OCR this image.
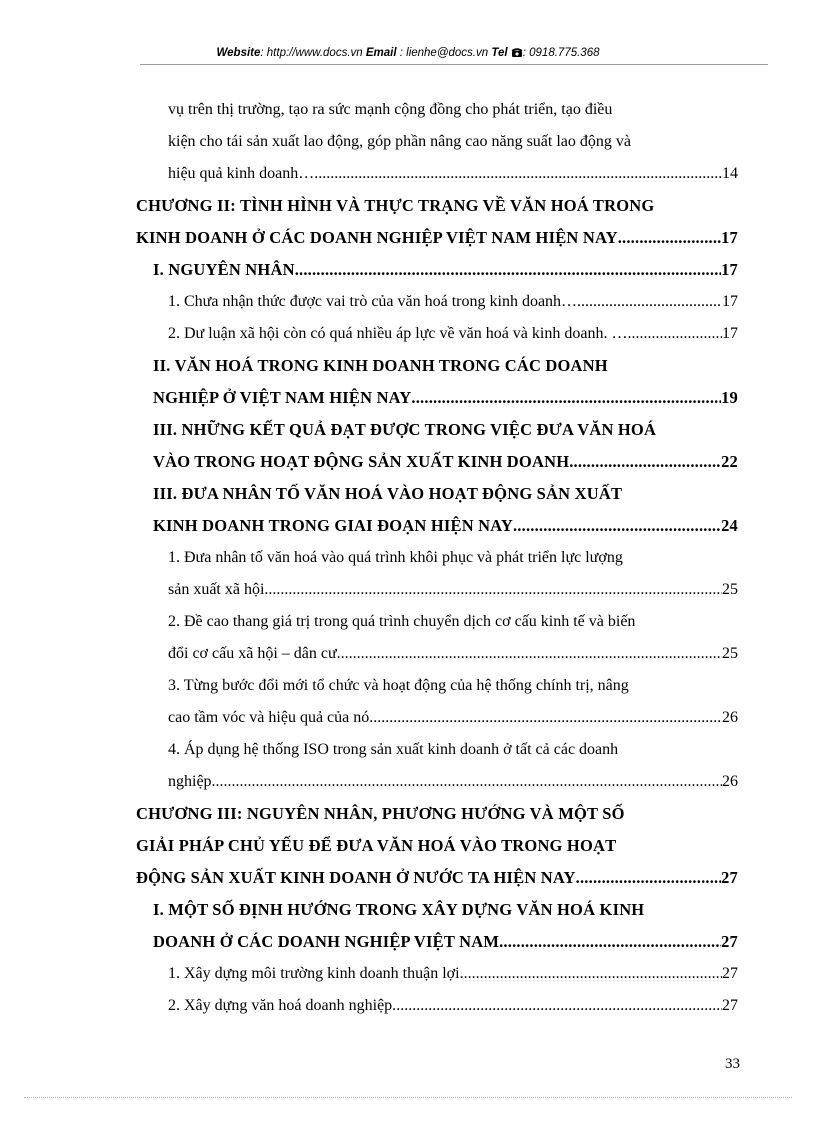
Website: http://www.docs.vn Email : lienhe@docs.vn Tel : 0918.775.368
vụ trên thị trường, tạo ra sức mạnh cộng đồng cho phát triển, tạo điều
kiện cho tái sản xuất lao động, góp phần nâng cao năng suất lao động và
hiệu quả kinh doanh… .....	14
CHƯƠNG II: TÌNH HÌNH VÀ THỰC TRẠNG VỀ VĂN HOÁ TRONG
KINH DOANH Ở CÁC DOANH NGHIỆP VIỆT NAM HIỆN NAY .....	17
I. NGUYÊN NHÂN .....	17
1. Chưa nhận thức được vai trò của văn hoá trong kinh doanh… .....	17
2. Dư luận xã hội còn có quá nhiều áp lực về văn hoá và kinh doanh. … .....	17
II. VĂN HOÁ TRONG KINH DOANH TRONG CÁC DOANH
NGHIỆP Ở VIỆT NAM HIỆN NAY .....	19
III. NHỮNG KẾT QUẢ ĐẠT ĐƯỢC TRONG VIỆC ĐƯA VĂN HOÁ
VÀO TRONG HOẠT ĐỘNG SẢN XUẤT KINH DOANH .....	22
III. ĐƯA NHÂN TỐ VĂN HOÁ VÀO HOẠT ĐỘNG SẢN XUẤT
KINH DOANH TRONG GIAI ĐOẠN HIỆN NAY .....	24
1. Đưa nhân tố văn hoá vào quá trình khôi phục và phát triển lực lượng
sản xuất xã hội. .....	25
2. Đề cao thang giá trị trong quá trình chuyển dịch cơ cấu kinh tế và biến
đổi cơ cấu xã hội – dân cư. .....	25
3. Từng bước đổi mới tổ chức và hoạt động của hệ thống chính trị, nâng
cao tầm vóc và hiệu quả của nó. .....	26
4. Áp dụng hệ thống ISO trong sản xuất kinh doanh ở tất cả các doanh
nghiệp. .....	26
CHƯƠNG III: NGUYÊN NHÂN, PHƯƠNG HƯỚNG VÀ MỘT SỐ
GIẢI PHÁP CHỦ YẾU ĐỂ ĐƯA VĂN HOÁ VÀO TRONG HOẠT
ĐỘNG SẢN XUẤT KINH DOANH Ở NƯỚC TA HIỆN NAY .....	27
I. MỘT SỐ ĐỊNH HƯỚNG TRONG XÂY DỰNG VĂN HOÁ KINH
DOANH Ở CÁC DOANH NGHIỆP VIỆT NAM .....	27
1. Xây dựng môi trường kinh doanh thuận lợi. .....	27
2. Xây dựng văn hoá doanh nghiệp. .....	27
33
